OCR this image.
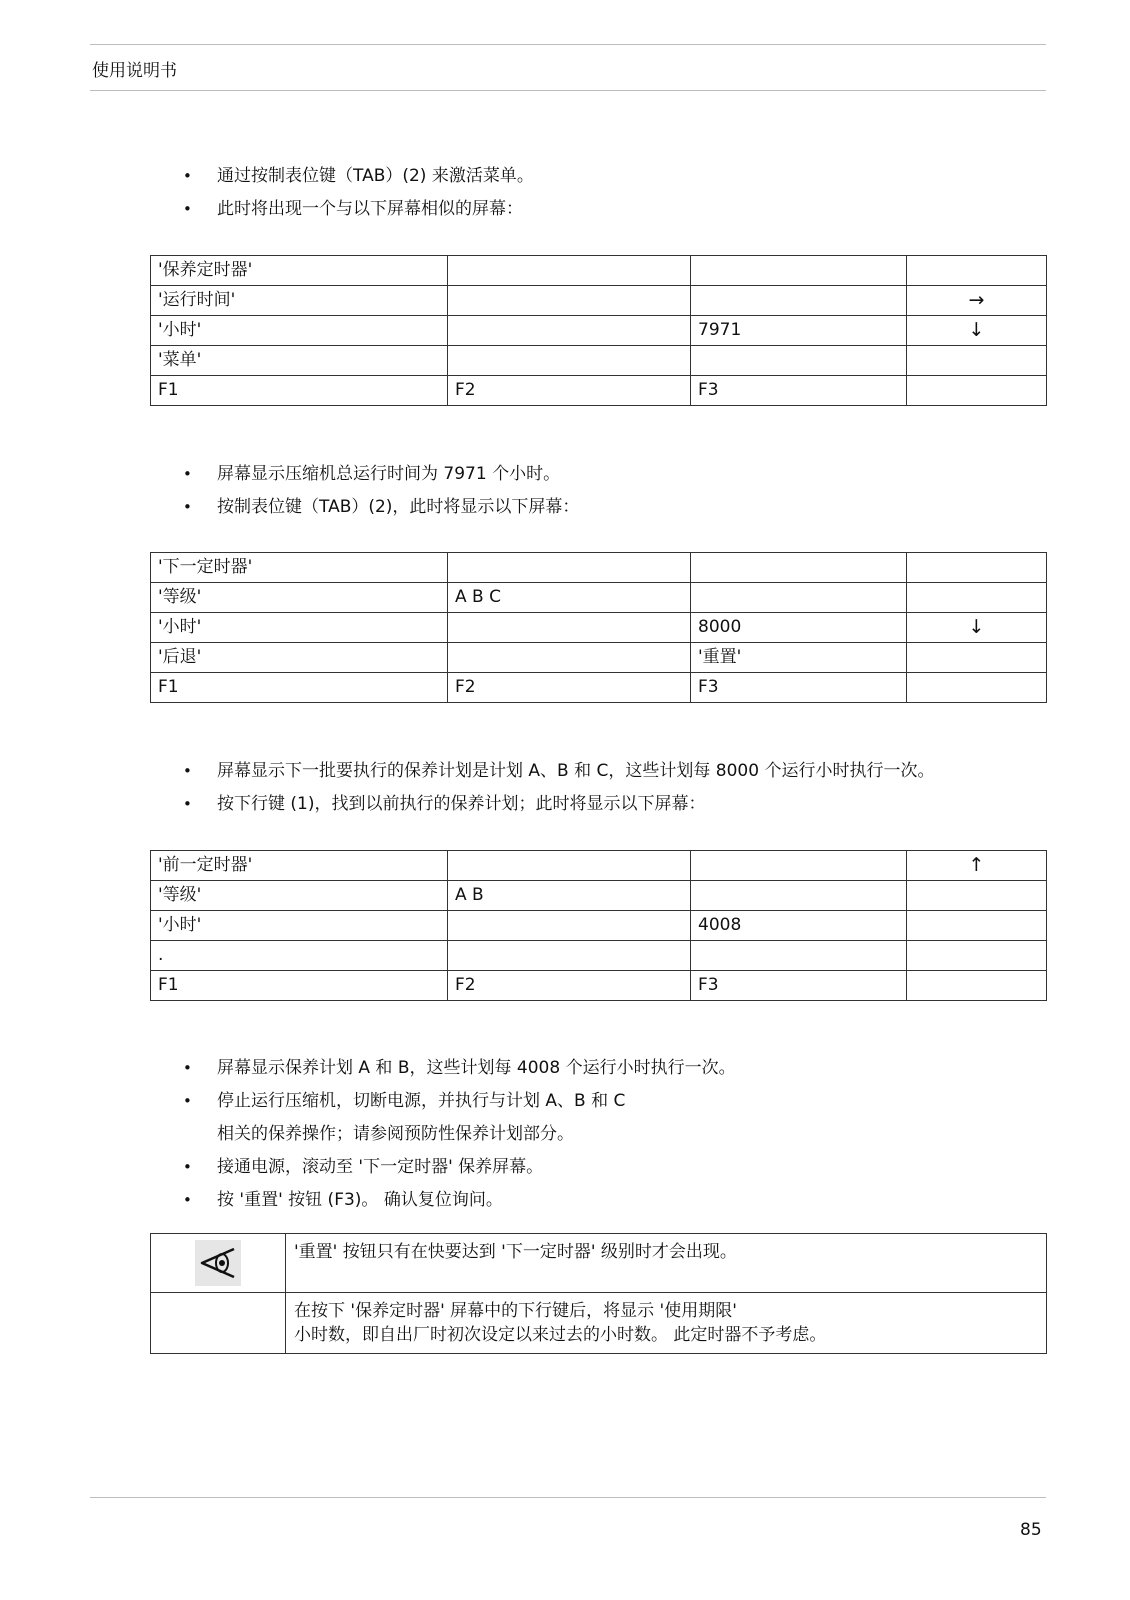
使用说明书
• 通过按制表位键（TAB）(2) 来激活菜单。
• 此时将出现一个与以下屏幕相似的屏幕：
'保养定时器'			
'运行时间'			→
'小时'		7971	↓
'菜单'			
F1	F2	F3	
• 屏幕显示压缩机总运行时间为 7971 个小时。
• 按制表位键（TAB）(2)，此时将显示以下屏幕：
'下一定时器'			
'等级'	A B C		
'小时'		8000	↓
'后退'		'重置'	
F1	F2	F3	
• 屏幕显示下一批要执行的保养计划是计划 A、B 和 C，这些计划每 8000 个运行小时执行一次。
• 按下行键 (1)，找到以前执行的保养计划；此时将显示以下屏幕：
'前一定时器'			↑
'等级'	A B		
'小时'		4008	
.			
F1	F2	F3	
• 屏幕显示保养计划 A 和 B，这些计划每 4008 个运行小时执行一次。
• 停止运行压缩机，切断电源，并执行与计划 A、B 和 C
相关的保养操作；请参阅预防性保养计划部分。
• 接通电源，滚动至 '下一定时器' 保养屏幕。
• 按 '重置' 按钮 (F3)。 确认复位询问。
	'重置' 按钮只有在快要达到 '下一定时器' 级别时才会出现。

	在按下 '保养定时器' 屏幕中的下行键后，将显示 '使用期限'
小时数，即自出厂时初次设定以来过去的小时数。 此定时器不予考虑。
85
